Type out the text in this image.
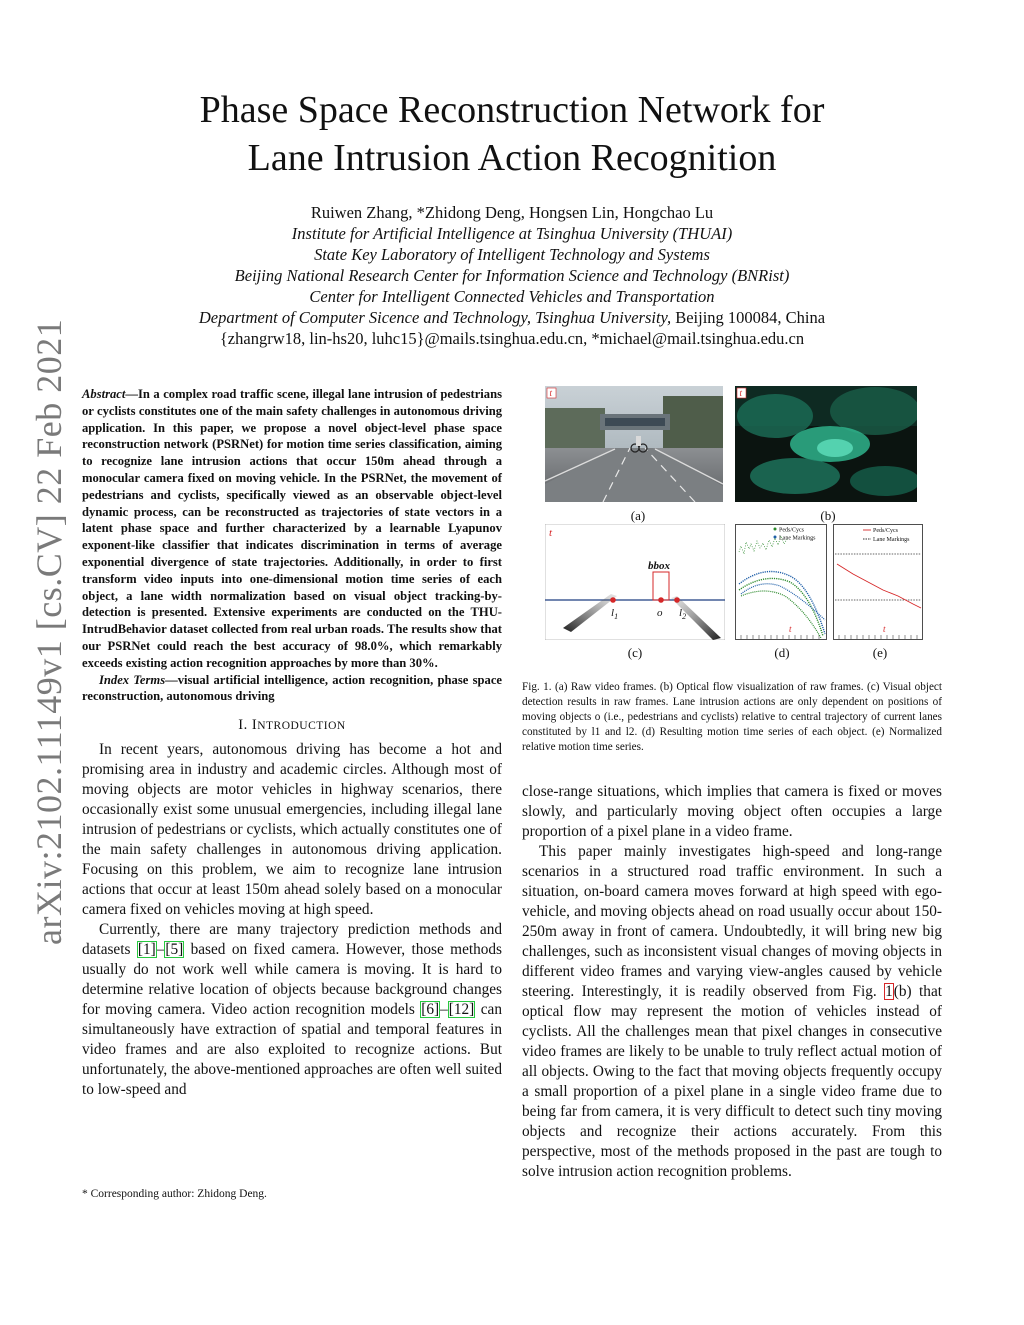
arXiv:2102.11149v1 [cs.CV] 22 Feb 2021
Phase Space Reconstruction Network for
Lane Intrusion Action Recognition
Ruiwen Zhang, *Zhidong Deng, Hongsen Lin, Hongchao Lu
Institute for Artificial Intelligence at Tsinghua University (THUAI)
State Key Laboratory of Intelligent Technology and Systems
Beijing National Research Center for Information Science and Technology (BNRist)
Center for Intelligent Connected Vehicles and Transportation
Department of Computer Sicence and Technology, Tsinghua University, Beijing 100084, China
{zhangrw18, lin-hs20, luhc15}@mails.tsinghua.edu.cn, *michael@mail.tsinghua.edu.cn
Abstract—In a complex road traffic scene, illegal lane intrusion of pedestrians or cyclists constitutes one of the main safety challenges in autonomous driving application. In this paper, we propose a novel object-level phase space reconstruction network (PSRNet) for motion time series classification, aiming to recognize lane intrusion actions that occur 150m ahead through a monocular camera fixed on moving vehicle. In the PSRNet, the movement of pedestrians and cyclists, specifically viewed as an observable object-level dynamic process, can be reconstructed as trajectories of state vectors in a latent phase space and further characterized by a learnable Lyapunov exponent-like classifier that indicates discrimination in terms of average exponential divergence of state trajectories. Additionally, in order to first transform video inputs into one-dimensional motion time series of each object, a lane width normalization based on visual object tracking-by-detection is presented. Extensive experiments are conducted on the THU-IntrudBehavior dataset collected from real urban roads. The results show that our PSRNet could reach the best accuracy of 98.0%, which remarkably exceeds existing action recognition approaches by more than 30%.
Index Terms—visual artificial intelligence, action recognition, phase space reconstruction, autonomous driving
I. INTRODUCTION

In recent years, autonomous driving has become a hot and promising area in industry and academic circles. Although most of moving objects are motor vehicles in highway scenarios, there occasionally exist some unusual emergencies, including illegal lane intrusion of pedestrians or cyclists, which actually constitutes one of the main safety challenges in autonomous driving application. Focusing on this problem, we aim to recognize lane intrusion actions that occur at least 150m ahead solely based on a monocular camera fixed on vehicles moving at high speed.

Currently, there are many trajectory prediction methods and datasets [1]–[5] based on fixed camera. However, those methods usually do not work well while camera is moving. It is hard to determine relative location of objects because background changes for moving camera. Video action recognition models [6]–[12] can simultaneously have extraction of spatial and temporal features in video frames and are also exploited to recognize actions. But unfortunately, the above-mentioned approaches are often well suited to low-speed and

* Corresponding author: Zhidong Deng.
t	t
(a)	(b)
t
bbox
$l_1$	o $l_2$
Peds/Cycs
Lane Markings
t
Peds/Cycs
Lane Markings
t
(c)	(d)	(e)
Fig. 1. (a) Raw video frames. (b) Optical flow visualization of raw frames. (c) Visual object detection results in raw frames. Lane intrusion actions are only dependent on positions of moving objects o (i.e., pedestrians and cyclists) relative to central trajectory of current lanes constituted by l1 and l2. (d) Resulting motion time series of each object. (e) Normalized relative motion time series.

close-range situations, which implies that camera is fixed or moves slowly, and particularly moving object often occupies a large proportion of a pixel plane in a video frame.

This paper mainly investigates high-speed and long-range scenarios in a structured road traffic environment. In such a situation, on-board camera moves forward at high speed with ego-vehicle, and moving objects ahead on road usually occur about 150-250m away in front of camera. Undoubtedly, it will bring new big challenges, such as inconsistent visual changes of moving objects in different video frames and varying view-angles caused by vehicle steering. Interestingly, it is readily observed from Fig. 1(b) that optical flow may represent the motion of vehicles instead of cyclists. All the challenges mean that pixel changes in consecutive video frames are likely to be unable to truly reflect actual motion of all objects. Owing to the fact that moving objects frequently occupy a small proportion of a pixel plane in a single video frame due to being far from camera, it is very difficult to detect such tiny moving objects and recognize their actions accurately. From this perspective, most of the methods proposed in the past are tough to solve intrusion action recognition problems.
